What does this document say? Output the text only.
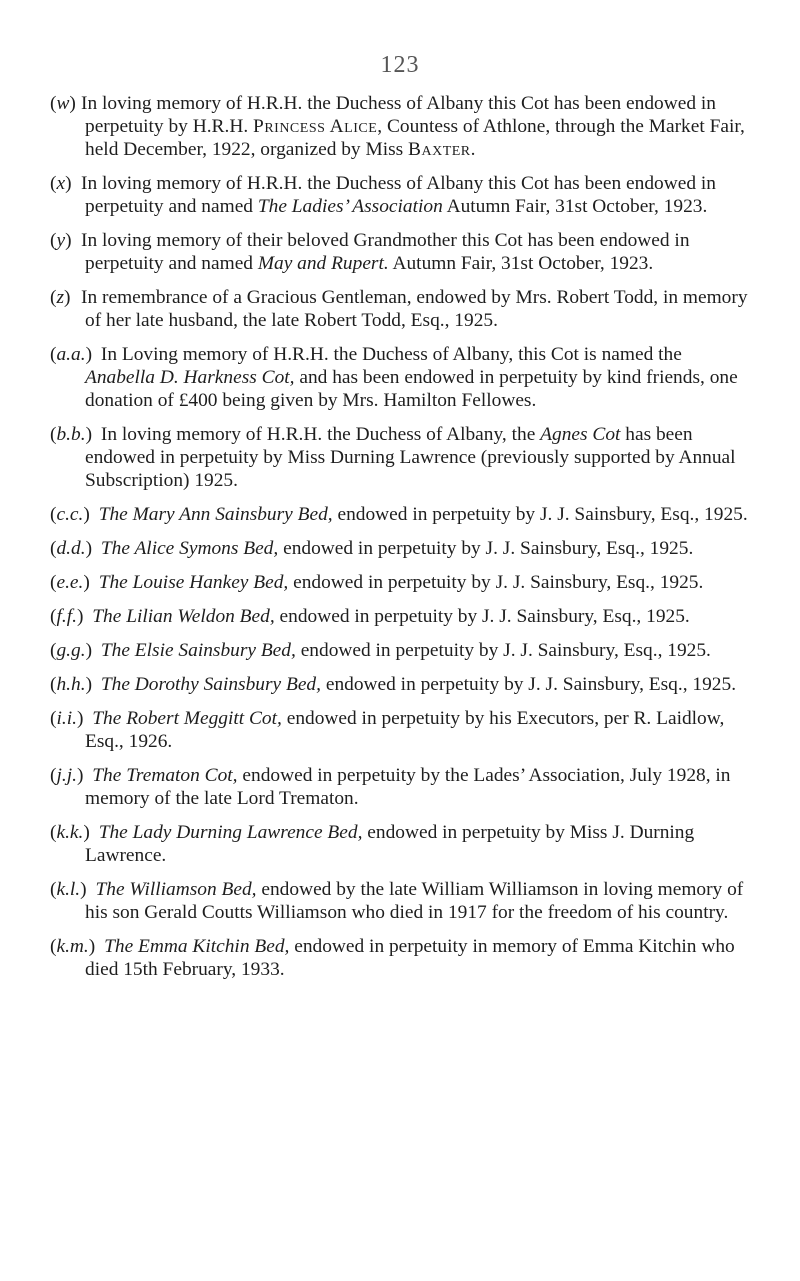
123
(w)In loving memory of H.R.H. the Duchess of Albany this Cot has been endowed in perpetuity by H.R.H. Princess Alice, Countess of Athlone, through the Market Fair, held December, 1922, organized by Miss Baxter.
(x)In loving memory of H.R.H. the Duchess of Albany this Cot has been endowed in perpetuity and named The Ladies’ Association Autumn Fair, 31st October, 1923.
(y)In loving memory of their beloved Grandmother this Cot has been endowed in perpetuity and named May and Rupert. Autumn Fair, 31st October, 1923.
(z)In remembrance of a Gracious Gentleman, endowed by Mrs. Robert Todd, in memory of her late husband, the late Robert Todd, Esq., 1925.
(a.a.) In Loving memory of H.R.H. the Duchess of Albany, this Cot is named the Anabella D. Harkness Cot, and has been endowed in perpetuity by kind friends, one donation of £400 being given by Mrs. Hamilton Fellowes.
(b.b.) In loving memory of H.R.H. the Duchess of Albany, the Agnes Cot has been endowed in perpetuity by Miss Durning Lawrence (previously supported by Annual Subscription) 1925.
(c.c.) The Mary Ann Sainsbury Bed, endowed in perpetuity by J. J. Sainsbury, Esq., 1925.
(d.d.) The Alice Symons Bed, endowed in perpetuity by J. J. Sainsbury, Esq., 1925.
(e.e.) The Louise Hankey Bed, endowed in perpetuity by J. J. Sainsbury, Esq., 1925.
(f.f.) The Lilian Weldon Bed, endowed in perpetuity by J. J. Sainsbury, Esq., 1925.
(g.g.) The Elsie Sainsbury Bed, endowed in perpetuity by J. J. Sainsbury, Esq., 1925.
(h.h.) The Dorothy Sainsbury Bed, endowed in perpetuity by J. J. Sainsbury, Esq., 1925.
(i.i.) The Robert Meggitt Cot, endowed in perpetuity by his Executors, per R. Laidlow, Esq., 1926.
(j.j.) The Trematon Cot, endowed in perpetuity by the Lades’ Association, July 1928, in memory of the late Lord Trematon.
(k.k.) The Lady Durning Lawrence Bed, endowed in perpetuity by Miss J. Durning Lawrence.
(k.l.) The Williamson Bed, endowed by the late William Williamson in loving memory of his son Gerald Coutts Williamson who died in 1917 for the freedom of his country.
(k.m.) The Emma Kitchin Bed, endowed in perpetuity in memory of Emma Kitchin who died 15th February, 1933.
